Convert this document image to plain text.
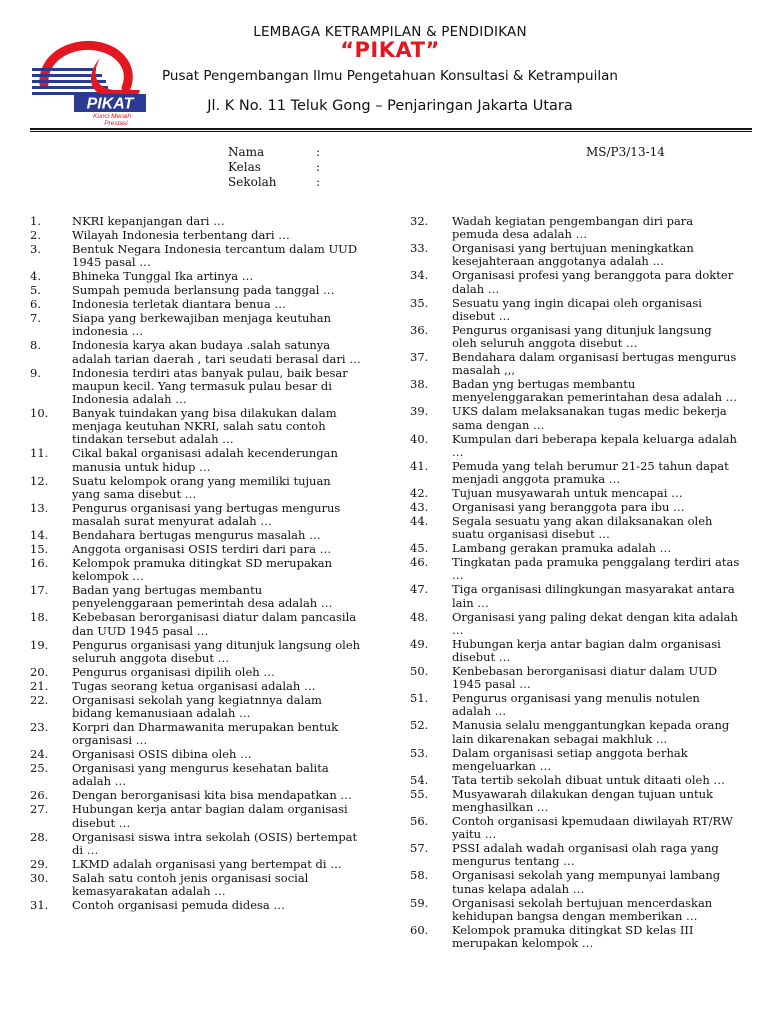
PIKAT
Kunci Meraih
Prestasi
LEMBAGA KETRAMPILAN & PENDIDIKAN
“PIKAT”
Pusat Pengembangan Ilmu Pengetahuan Konsultasi & Ketrampuilan
Jl. K No. 11 Teluk Gong – Penjaringan Jakarta Utara
Nama	:
Kelas	:
Sekolah	:
MS/P3/13-14
1.	NKRI kepanjangan dari …
2.	Wilayah Indonesia terbentang dari …
3.	Bentuk Negara Indonesia tercantum dalam UUD 1945 pasal …
4.	Bhineka Tunggal Ika artinya …
5.	Sumpah pemuda berlansung pada tanggal …
6.	Indonesia terletak diantara benua …
7.	Siapa yang berkewajiban menjaga keutuhan indonesia …
8.	Indonesia karya akan budaya .salah satunya adalah tarian daerah , tari seudati berasal dari …
9.	Indonesia terdiri atas banyak pulau, baik besar maupun kecil. Yang termasuk pulau besar di Indonesia adalah …
10. Banyak tuindakan yang bisa dilakukan dalam menjaga keutuhan NKRI, salah satu contoh tindakan tersebut adalah …
11. Cikal bakal organisasi adalah kecenderungan manusia untuk hidup …
12. Suatu kelompok orang yang memiliki tujuan yang sama disebut …
13. Pengurus organisasi yang bertugas mengurus masalah surat menyurat adalah …
14. Bendahara bertugas mengurus masalah …
15. Anggota organisasi OSIS terdiri dari para …
16. Kelompok pramuka ditingkat SD merupakan kelompok …
17. Badan yang bertugas membantu penyelenggaraan pemerintah desa adalah …
18. Kebebasan berorganisasi diatur dalam pancasila dan UUD 1945 pasal …
19. Pengurus organisasi yang ditunjuk langsung oleh seluruh anggota disebut …
20. Pengurus organisasi dipilih oleh …
21. Tugas seorang ketua organisasi adalah …
22. Organisasi sekolah yang kegiatnnya dalam bidang kemanusiaan adalah …
23. Korpri dan Dharmawanita merupakan bentuk organisasi …
24. Organisasi OSIS dibina oleh …
25. Organisasi yang mengurus kesehatan balita adalah …
26. Dengan berorganisasi kita bisa mendapatkan …
27. Hubungan kerja antar bagian dalam organisasi disebut …
28. Organisasi siswa intra sekolah (OSIS) bertempat di …
29. LKMD adalah organisasi yang bertempat di …
30. Salah satu contoh jenis organisasi social kemasyarakatan adalah …
31. Contoh organisasi pemuda didesa …
32. Wadah kegiatan pengembangan diri para pemuda desa adalah …
33. Organisasi yang bertujuan meningkatkan kesejahteraan anggotanya adalah …
34. Organisasi profesi yang beranggota para dokter dalah …
35. Sesuatu yang ingin dicapai oleh organisasi disebut …
36. Pengurus organisasi yang ditunjuk langsung oleh seluruh anggota disebut …
37. Bendahara dalam organisasi bertugas mengurus masalah ,,,
38. Badan yng bertugas membantu menyelenggarakan pemerintahan desa adalah …
39. UKS dalam melaksanakan tugas medic bekerja sama dengan …
40. Kumpulan dari beberapa kepala keluarga adalah …
41. Pemuda yang telah berumur 21-25 tahun dapat menjadi anggota pramuka …
42. Tujuan musyawarah untuk mencapai …
43. Organisasi yang beranggota para ibu …
44. Segala sesuatu yang akan dilaksanakan oleh suatu organisasi disebut …
45. Lambang gerakan pramuka adalah …
46. Tingkatan pada pramuka penggalang terdiri atas …
47. Tiga organisasi dilingkungan masyarakat antara lain …
48. Organisasi yang paling dekat dengan kita adalah …
49. Hubungan kerja antar bagian dalm organisasi disebut …
50. Kenbebasan berorganisasi diatur dalam UUD 1945 pasal …
51. Pengurus organisasi yang menulis notulen adalah …
52. Manusia selalu menggantungkan kepada orang lain dikarenakan sebagai makhluk …
53. Dalam organisasi setiap anggota berhak mengeluarkan …
54. Tata tertib sekolah dibuat untuk ditaati oleh …
55. Musyawarah dilakukan dengan tujuan untuk menghasilkan …
56. Contoh organisasi kpemudaan diwilayah RT/RW yaitu …
57. PSSI adalah wadah organisasi olah raga yang mengurus tentang …
58. Organisasi sekolah yang mempunyai lambang tunas kelapa adalah …
59. Organisasi sekolah bertujuan mencerdaskan kehidupan bangsa dengan memberikan …
60. Kelompok pramuka ditingkat SD kelas III merupakan kelompok …
